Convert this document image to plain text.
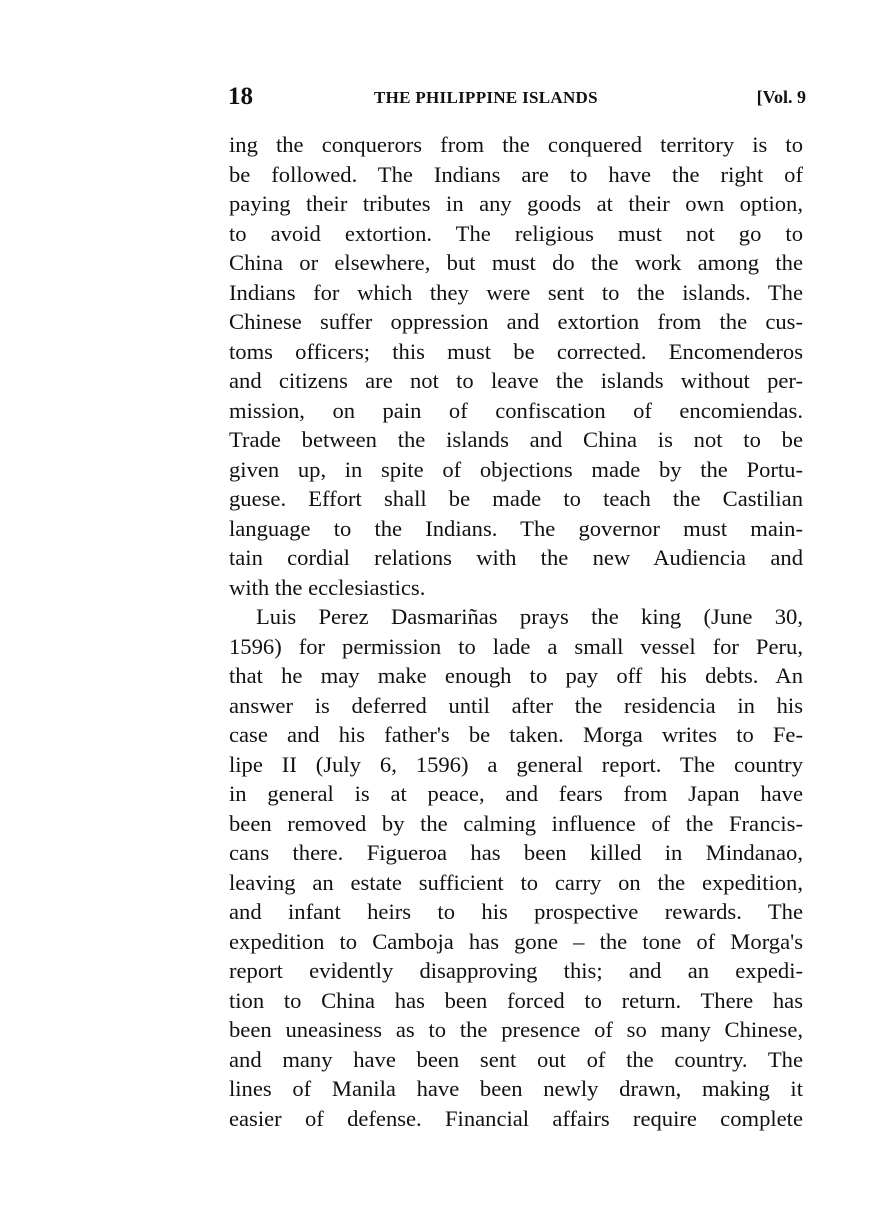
18	THE PHILIPPINE ISLANDS	[Vol. 9
ing the conquerors from the conquered territory is to
be followed. The Indians are to have the right of
paying their tributes in any goods at their own option,
to avoid extortion. The religious must not go to
China or elsewhere, but must do the work among the
Indians for which they were sent to the islands. The
Chinese suffer oppression and extortion from the cus-
toms officers; this must be corrected. Encomenderos
and citizens are not to leave the islands without per-
mission, on pain of confiscation of encomiendas.
Trade between the islands and China is not to be
given up, in spite of objections made by the Portu-
guese. Effort shall be made to teach the Castilian
language to the Indians. The governor must main-
tain cordial relations with the new Audiencia and
with the ecclesiastics.
Luis Perez Dasmariñas prays the king (June 30,
1596) for permission to lade a small vessel for Peru,
that he may make enough to pay off his debts. An
answer is deferred until after the residencia in his
case and his father's be taken. Morga writes to Fe-
lipe II (July 6, 1596) a general report. The country
in general is at peace, and fears from Japan have
been removed by the calming influence of the Francis-
cans there. Figueroa has been killed in Mindanao,
leaving an estate sufficient to carry on the expedition,
and infant heirs to his prospective rewards. The
expedition to Camboja has gone – the tone of Morga's
report evidently disapproving this; and an expedi-
tion to China has been forced to return. There has
been uneasiness as to the presence of so many Chinese,
and many have been sent out of the country. The
lines of Manila have been newly drawn, making it
easier of defense. Financial affairs require complete
